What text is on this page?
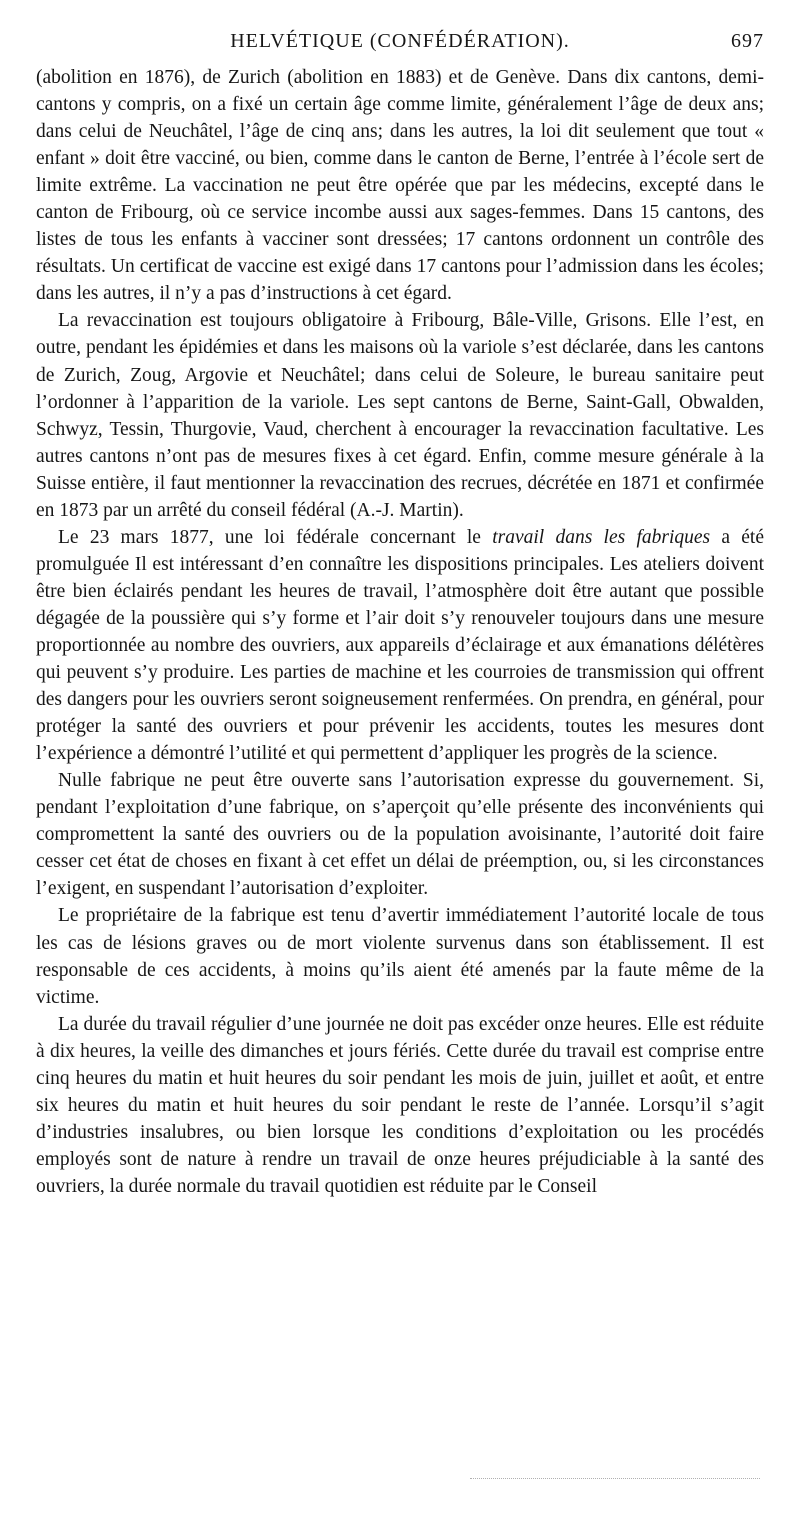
HELVÉTIQUE (CONFÉDÉRATION).	697

(abolition en 1876), de Zurich (abolition en 1883) et de Genève. Dans dix cantons, demi-cantons y compris, on a fixé un certain âge comme limite, généralement l’âge de deux ans; dans celui de Neuchâtel, l’âge de cinq ans; dans les autres, la loi dit seulement que tout « enfant » doit être vacciné, ou bien, comme dans le canton de Berne, l’entrée à l’école sert de limite extrême. La vaccination ne peut être opérée que par les médecins, excepté dans le canton de Fribourg, où ce service incombe aussi aux sages-femmes. Dans 15 cantons, des listes de tous les enfants à vacciner sont dressées; 17 cantons ordonnent un contrôle des résultats. Un certificat de vaccine est exigé dans 17 cantons pour l’admission dans les écoles; dans les autres, il n’y a pas d’instructions à cet égard.

La revaccination est toujours obligatoire à Fribourg, Bâle-Ville, Grisons. Elle l’est, en outre, pendant les épidémies et dans les maisons où la variole s’est déclarée, dans les cantons de Zurich, Zoug, Argovie et Neuchâtel; dans celui de Soleure, le bureau sanitaire peut l’ordonner à l’apparition de la variole. Les sept cantons de Berne, Saint-Gall, Obwalden, Schwyz, Tessin, Thurgovie, Vaud, cherchent à encourager la revaccination facultative. Les autres cantons n’ont pas de mesures fixes à cet égard. Enfin, comme mesure générale à la Suisse entière, il faut mentionner la revaccination des recrues, décrétée en 1871 et confirmée en 1873 par un arrêté du conseil fédéral (A.-J. Martin).

Le 23 mars 1877, une loi fédérale concernant le travail dans les fabriques a été promulguée Il est intéressant d’en connaître les dispositions principales. Les ateliers doivent être bien éclairés pendant les heures de travail, l’atmosphère doit être autant que possible dégagée de la poussière qui s’y forme et l’air doit s’y renouveler toujours dans une mesure proportionnée au nombre des ouvriers, aux appareils d’éclairage et aux émanations délétères qui peuvent s’y produire. Les parties de machine et les courroies de transmission qui offrent des dangers pour les ouvriers seront soigneusement renfermées. On prendra, en général, pour protéger la santé des ouvriers et pour prévenir les accidents, toutes les mesures dont l’expérience a démontré l’utilité et qui permettent d’appliquer les progrès de la science.

Nulle fabrique ne peut être ouverte sans l’autorisation expresse du gouvernement. Si, pendant l’exploitation d’une fabrique, on s’aperçoit qu’elle présente des inconvénients qui compromettent la santé des ouvriers ou de la population avoisinante, l’autorité doit faire cesser cet état de choses en fixant à cet effet un délai de préemption, ou, si les circonstances l’exigent, en suspendant l’autorisation d’exploiter.

Le propriétaire de la fabrique est tenu d’avertir immédiatement l’autorité locale de tous les cas de lésions graves ou de mort violente survenus dans son établissement. Il est responsable de ces accidents, à moins qu’ils aient été amenés par la faute même de la victime.

La durée du travail régulier d’une journée ne doit pas excéder onze heures. Elle est réduite à dix heures, la veille des dimanches et jours fériés. Cette durée du travail est comprise entre cinq heures du matin et huit heures du soir pendant les mois de juin, juillet et août, et entre six heures du matin et huit heures du soir pendant le reste de l’année. Lorsqu’il s’agit d’industries insalubres, ou bien lorsque les conditions d’exploitation ou les procédés employés sont de nature à rendre un travail de onze heures préjudiciable à la santé des ouvriers, la durée normale du travail quotidien est réduite par le Conseil
